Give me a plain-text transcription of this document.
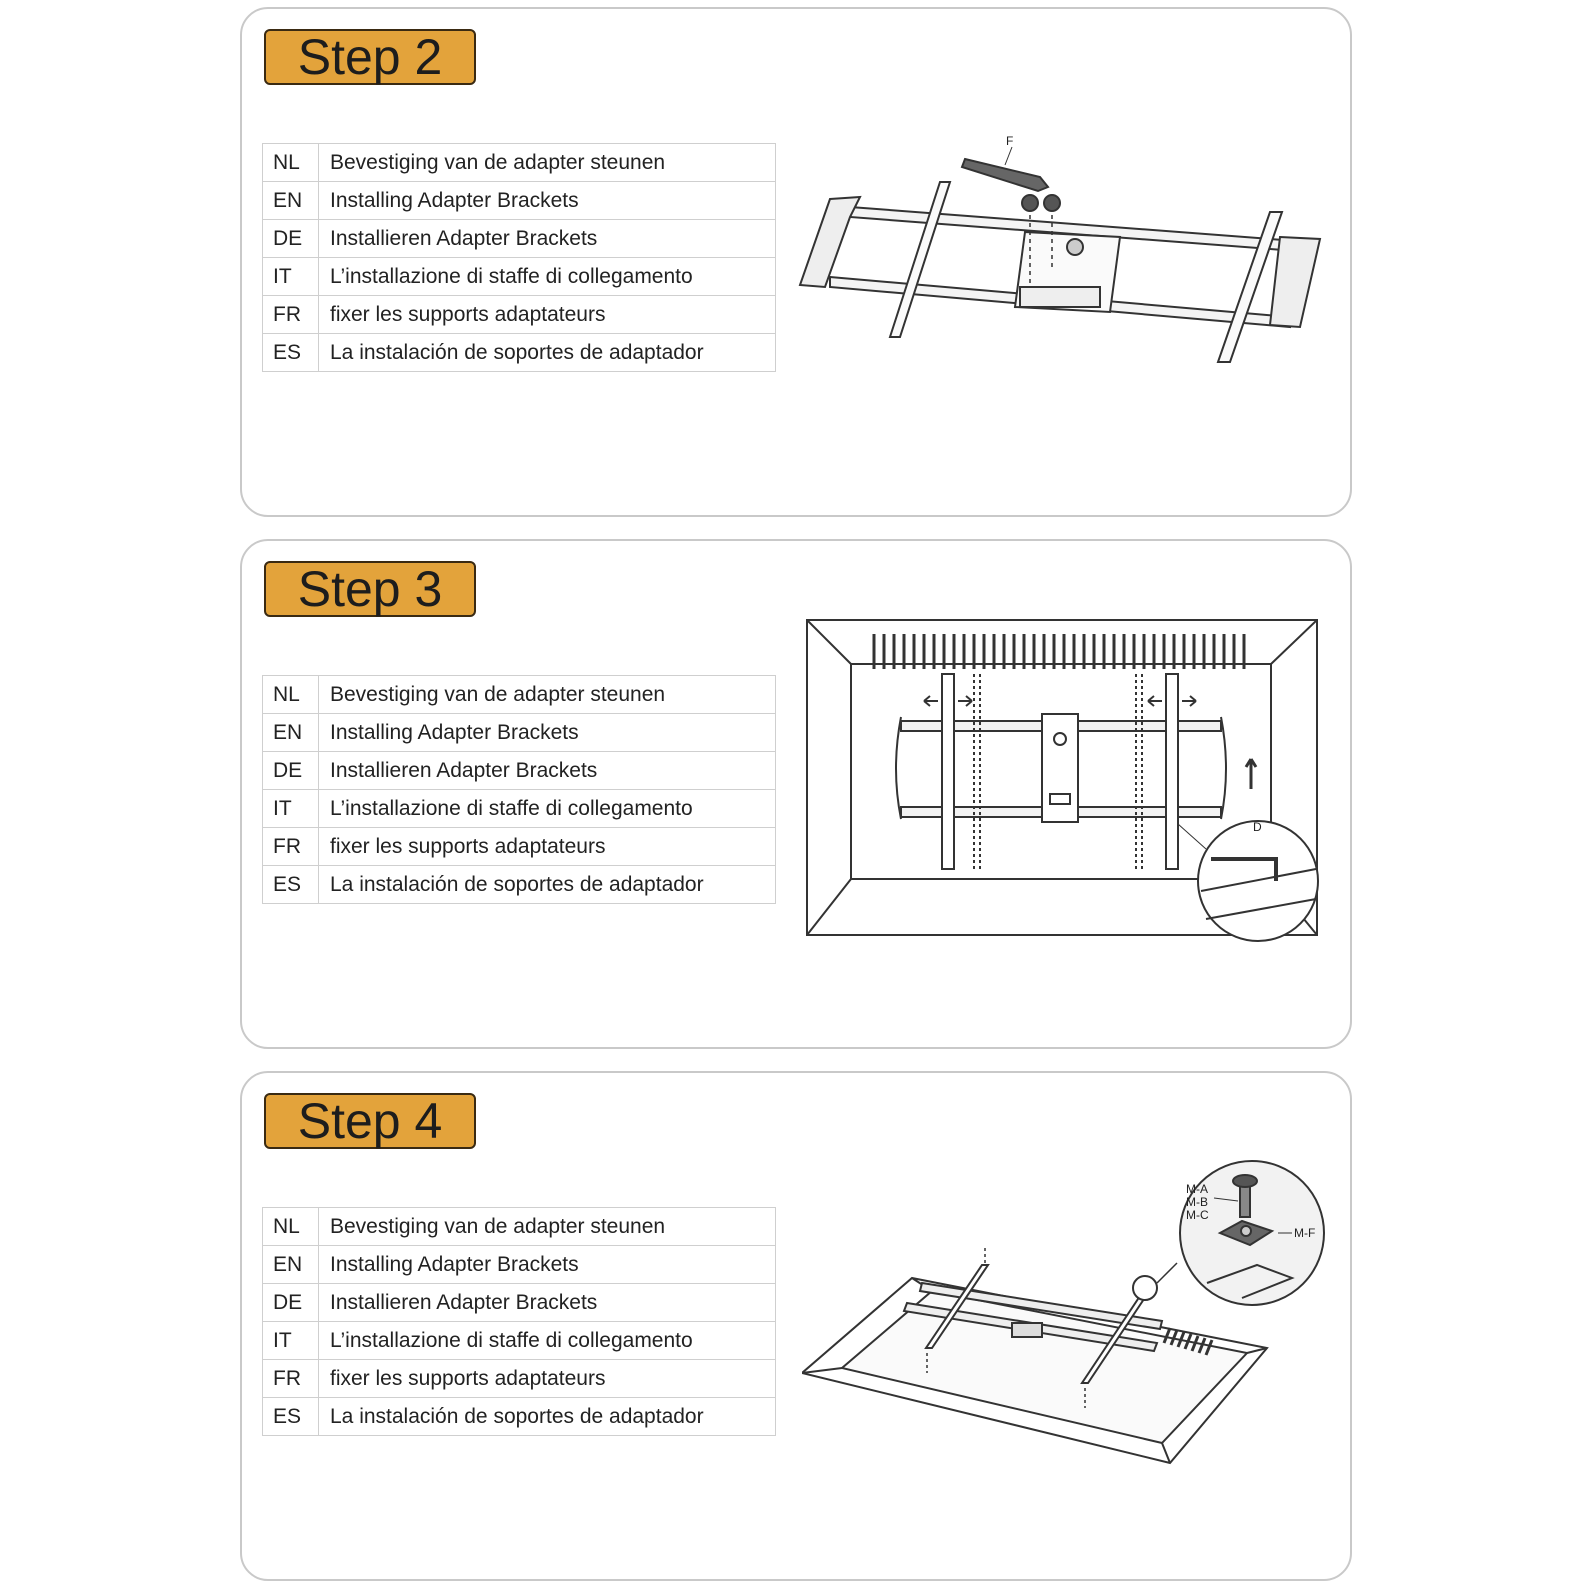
Step 2
NL	Bevestiging van de adapter steunen
EN	Installing Adapter Brackets
DE	Installieren Adapter Brackets
IT	L’installazione di staffe di collegamento
FR	fixer les supports adaptateurs
ES	La instalación de soportes de adaptador
F
Step 3
NL	Bevestiging van de adapter steunen
EN	Installing Adapter Brackets
DE	Installieren Adapter Brackets
IT	L’installazione di staffe di collegamento
FR	fixer les supports adaptateurs
ES	La instalación de soportes de adaptador
D
Step 4
NL	Bevestiging van de adapter steunen
EN	Installing Adapter Brackets
DE	Installieren Adapter Brackets
IT	L’installazione di staffe di collegamento
FR	fixer les supports adaptateurs
ES	La instalación de soportes de adaptador
M-A
M-B
M-C
M-F
